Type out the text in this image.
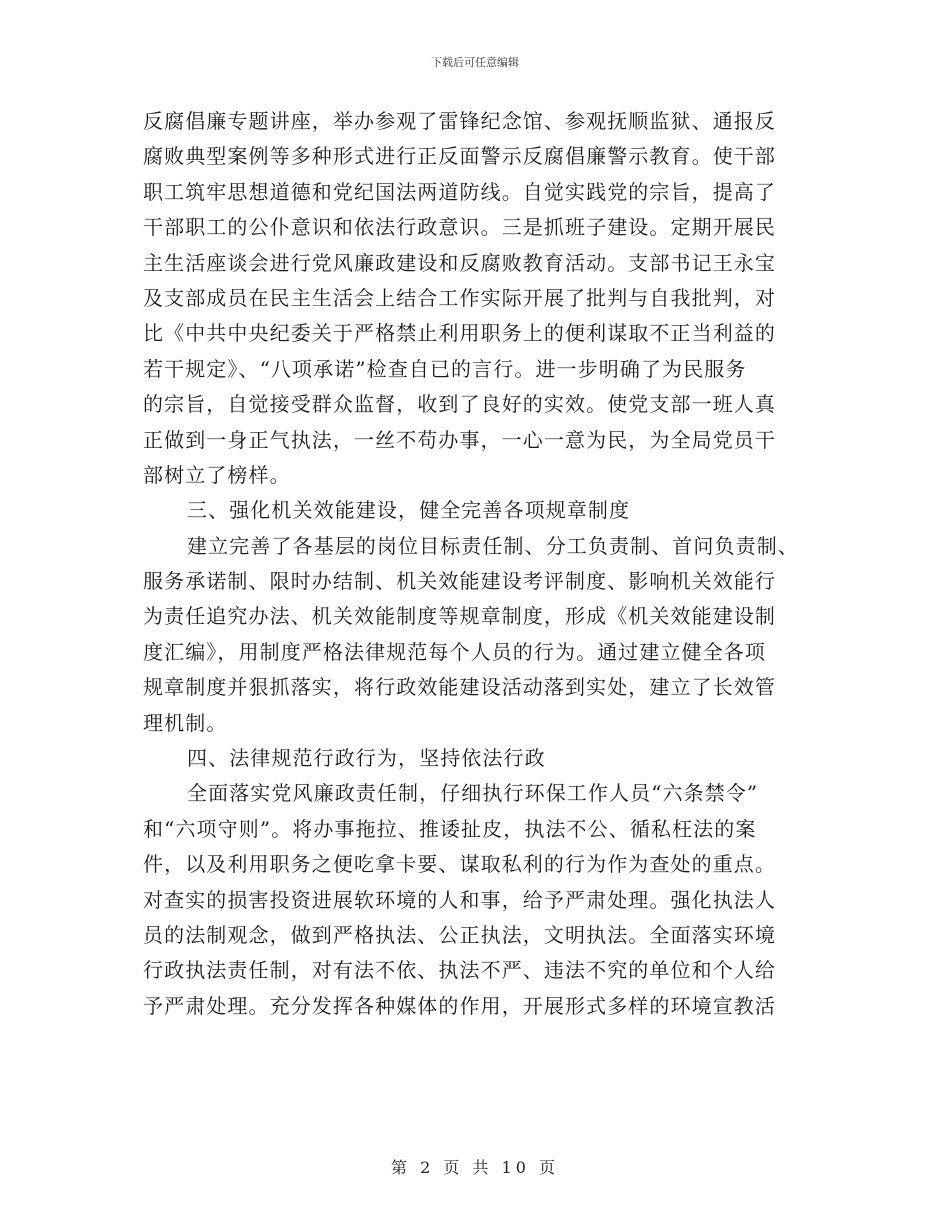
下载后可任意编辑
反腐倡廉专题讲座，举办参观了雷锋纪念馆、参观抚顺监狱、通报反
腐败典型案例等多种形式进行正反面警示反腐倡廉警示教育。使干部
职工筑牢思想道德和党纪国法两道防线。自觉实践党的宗旨，提高了
干部职工的公仆意识和依法行政意识。三是抓班子建设。定期开展民
主生活座谈会进行党风廉政建设和反腐败教育活动。支部书记王永宝
及支部成员在民主生活会上结合工作实际开展了批判与自我批判，对
比《中共中央纪委关于严格禁止利用职务上的便利谋取不正当利益的
若干规定》、“八项承诺”检查自已的言行。进一步明确了为民服务
的宗旨，自觉接受群众监督，收到了良好的实效。使党支部一班人真
正做到一身正气执法，一丝不苟办事，一心一意为民，为全局党员干
部树立了榜样。
三、强化机关效能建设，健全完善各项规章制度
建立完善了各基层的岗位目标责任制、分工负责制、首问负责制、
服务承诺制、限时办结制、机关效能建设考评制度、影响机关效能行
为责任追究办法、机关效能制度等规章制度，形成《机关效能建设制
度汇编》，用制度严格法律规范每个人员的行为。通过建立健全各项
规章制度并狠抓落实，将行政效能建设活动落到实处，建立了长效管
理机制。
四、法律规范行政行为，坚持依法行政
全面落实党风廉政责任制，仔细执行环保工作人员“六条禁令”
和“六项守则”。将办事拖拉、推诿扯皮，执法不公、循私枉法的案
件，以及利用职务之便吃拿卡要、谋取私利的行为作为查处的重点。
对查实的损害投资进展软环境的人和事，给予严肃处理。强化执法人
员的法制观念，做到严格执法、公正执法，文明执法。全面落实环境
行政执法责任制，对有法不依、执法不严、违法不究的单位和个人给
予严肃处理。充分发挥各种媒体的作用，开展形式多样的环境宣教活
第 2 页 共 10 页
